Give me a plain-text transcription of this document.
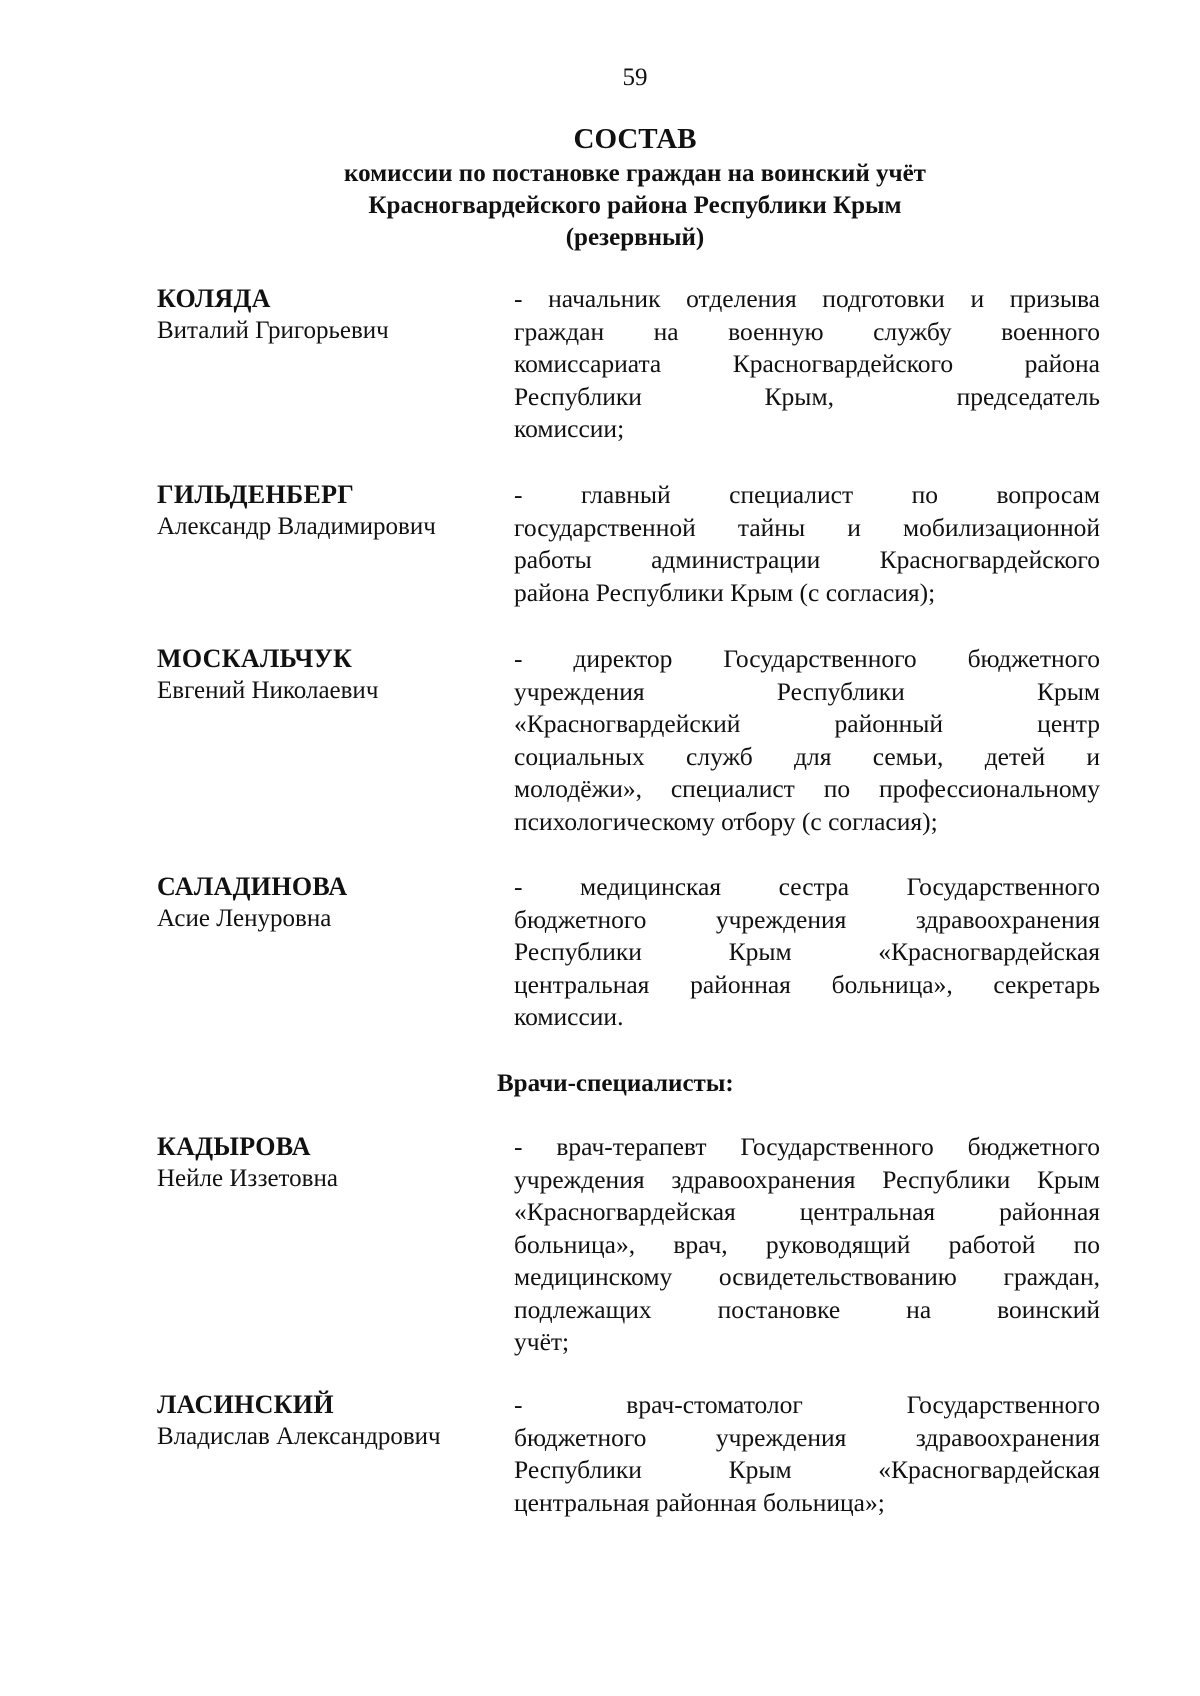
59
СОСТАВ
комиссии по постановке граждан на воинский учёт
Красногвардейского района Республики Крым
(резервный)
КОЛЯДА
Виталий Григорьевич
- начальник отделения подготовки и призыва
граждан на военную службу военного
комиссариата Красногвардейского района
Республики Крым, председатель
комиссии;
ГИЛЬДЕНБЕРГ
Александр Владимирович
- главный специалист по вопросам
государственной тайны и мобилизационной
работы администрации Красногвардейского
района Республики Крым (с согласия);
МОСКАЛЬЧУК
Евгений Николаевич
- директор Государственного бюджетного
учреждения Республики Крым
«Красногвардейский районный центр
социальных служб для семьи, детей и
молодёжи», специалист по профессиональному
психологическому отбору (с согласия);
САЛАДИНОВА
Асие Ленуровна
- медицинская сестра Государственного
бюджетного учреждения здравоохранения
Республики Крым «Красногвардейская
центральная районная больница», секретарь
комиссии.
Врачи-специалисты:
КАДЫРОВА
Нейле Иззетовна
- врач-терапевт Государственного бюджетного
учреждения здравоохранения Республики Крым
«Красногвардейская центральная районная
больница», врач, руководящий работой по
медицинскому освидетельствованию граждан,
подлежащих постановке на воинский
учёт;
ЛАСИНСКИЙ
Владислав Александрович
- врач-стоматолог Государственного
бюджетного учреждения здравоохранения
Республики Крым «Красногвардейская
центральная районная больница»;
